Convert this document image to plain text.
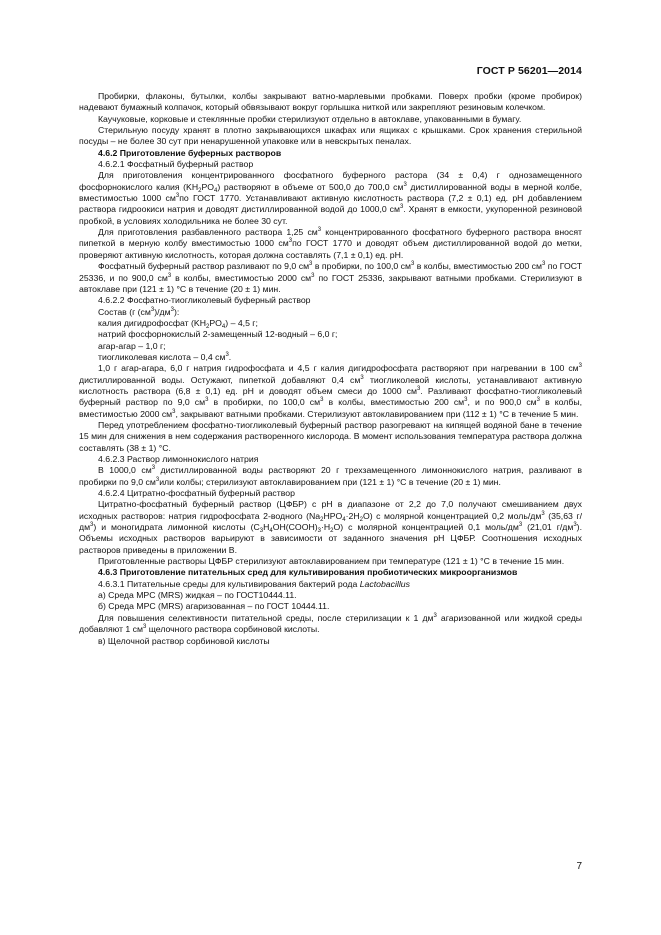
ГОСТ Р 56201—2014

Пробирки, флаконы, бутылки, колбы закрывают ватно-марлевыми пробками. Поверх пробки (кроме пробирок) надевают бумажный колпачок, который обвязывают вокруг горлышка ниткой или закрепляют резиновым колечком.

Каучуковые, корковые и стеклянные пробки стерилизуют отдельно в автоклаве, упакованными в бумагу.

Стерильную посуду хранят в плотно закрывающихся шкафах или ящиках с крышками. Срок хранения стерильной посуды – не более 30 сут при ненарушенной упаковке или в невскрытых пеналах.

4.6.2 Приготовление буферных растворов

4.6.2.1 Фосфатный буферный раствор

Для приготовления концентрированного фосфатного буферного растора (34 ± 0,4) г однозамещенного фосфорнокислого калия $(KH_2PO_4)$ растворяют в объеме от 500,0 до 700,0 $см^3$ дистиллированной воды в мерной колбе, вместимостью 1000 $см^3по$ ГОСТ 1770. Устанавливают активную кислотность раствора (7,2 ± 0,1) ед. pH добавлением раствора гидроокиси натрия и доводят дистиллированной водой до 1000,0 $см^3$. Хранят в емкости, укупоренной резиновой пробкой, в условиях холодильника не более 30 сут.

Для приготовления разбавленного раствора 1,25 $см^3$ концентрированного фосфатного буферного раствора вносят пипеткой в мерную колбу вместимостью 1000 $см^3по$ ГОСТ 1770 и доводят объем дистиллированной водой до метки, проверяют активную кислотность, которая должна составлять (7,1 ± 0,1) ед. pH.

Фосфатный буферный раствор разливают по 9,0 $см^3$ в пробирки, по 100,0 $см^3$ в колбы, вместимостью 200 $см^3$ по ГОСТ 25336, и по 900,0 $см^3$ в колбы, вместимостью 2000 $см^3$ по ГОСТ 25336, закрывают ватными пробками. Стерилизуют в автоклаве при (121 ± 1) °С в течение (20 ± 1) мин.

4.6.2.2 Фосфатно-тиогликолевый буферный раствор

Состав (г $(см^3)/дм^3$):

калия дигидрофосфат $(KH_2PO_4) - 4,5$ г;

натрий фосфорнокислый 2-замещенный 12-водный – 6,0 г;

агар-агар – 1,0 г;

тиогликолевая кислота – 0,4 $см^3$.

1,0 г агар-агара, 6,0 г натрия гидрофосфата и 4,5 г калия дигидрофосфата растворяют при нагревании в 100 $см^3$ дистиллированной воды. Остужают, пипеткой добавляют 0,4 $см^3$ тиогликолевой кислоты, устанавливают активную кислотность раствора (6,8 ± 0,1) ед. pH и доводят объем смеси до 1000 $см^3$. Разливают фосфатно-тиогликолевый буферный раствор по 9,0 $см^3$ в пробирки, по 100,0 $см^3$ в колбы, вместимостью 200 $см^3$, и по 900,0 $см^3$ в колбы, вместимостью 2000 $см^3$, закрывают ватными пробками. Стерилизуют автоклавированием при (112 ± 1) °С в течение 5 мин.

Перед употреблением фосфатно-тиогликолевый буферный раствор разогревают на кипящей водяной бане в течение 15 мин для снижения в нем содержания растворенного кислорода. В момент использования температура раствора должна составлять (38 ± 1) °С.

4.6.2.3 Раствор лимоннокислого натрия

В 1000,0 $см^3$ дистиллированной воды растворяют 20 г трехзамещенного лимоннокислого натрия, разливают в пробирки по 9,0 $см^3или$ колбы; стерилизуют автоклавированием при (121 ± 1) °С в течение (20 ± 1) мин.

4.6.2.4 Цитратно-фосфатный буферный раствор

Цитратно-фосфатный буферный раствор (ЦФБР) с pH в диапазоне от 2,2 до 7,0 получают смешиванием двух исходных растворов: натрия гидрофосфата 2-водного $(Na_2HPO_4\cdot 2H_2O)$ с молярной концентрацией 0,2 моль/$дм^3$ (35,63 $г/дм^3$) и моногидрата лимонной кислоты $(C_3H_4OH(COOH)_3\cdot H_2O)$ с молярной концентрацией 0,1 моль/$дм^3$ (21,01 $г/дм^3$). Объемы исходных растворов варьируют в зависимости от заданного значения pH ЦФБР. Соотношения исходных растворов приведены в приложении В.

Приготовленные растворы ЦФБР стерилизуют автоклавированием при температуре (121 ± 1) °С в течение 15 мин.

4.6.3 Приготовление питательных сред для культивирования пробиотических микроорганизмов

4.6.3.1 Питательные среды для культивирования бактерий рода Lactobacillus

а) Среда MPC (MRS) жидкая – по ГОСТ10444.11.

б) Среда MPC (MRS) агаризованная – по ГОСТ 10444.11.

Для повышения селективности питательной среды, после стерилизации к 1 $дм^3$ агаризованной или жидкой среды добавляют 1 $см^3$ щелочного раствора сорбиновой кислоты.

в) Щелочной раствор сорбиновой кислоты

7
